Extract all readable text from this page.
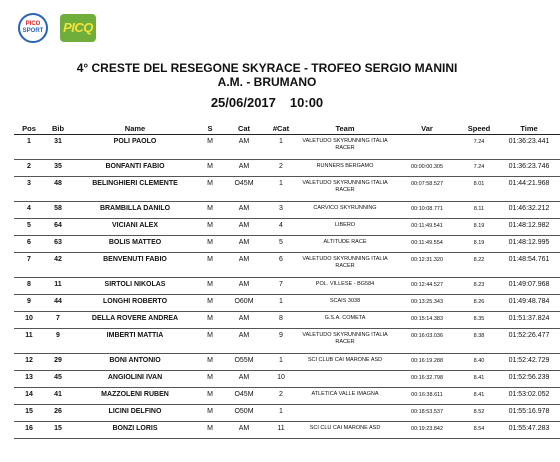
PICO
SPORT PICQ
4° CRESTE DEL RESEGONE SKYRACE - TROFEO SERGIO MANINI
A.M. - BRUMANO
25/06/2017 10:00
Pos	Bib	Name	S	Cat	#Cat	Team	Var	Speed	Time
1	31	POLI PAOLO	M	AM	1	VALETUDO SKYRUNNING ITALIA RACER		7.24	01:36:23.441
2	35	BONFANTI FABIO	M	AM	2	RUNNERS BERGAMO	00:00:00.305	7.24	01:36:23.746
3	48	BELINGHIERI CLEMENTE	M	O45M	1	VALETUDO SKYRUNNING ITALIA RACER	00:07:58.527	8.01	01:44:21.968
4	58	BRAMBILLA DANILO	M	AM	3	CARVICO SKYRUNNING	00:10:08.771	8.11	01:46:32.212
5	64	VICIANI ALEX	M	AM	4	LIBERO	00:11:49.541	8.19	01:48:12.982
6	63	BOLIS MATTEO	M	AM	5	ALTITUDE RACE	00:11:49.554	8.19	01:48:12.995
7	42	BENVENUTI FABIO	M	AM	6	VALETUDO SKYRUNNING ITALIA RACER	00:12:31.320	8.22	01:48:54.761
8	11	SIRTOLI NIKOLAS	M	AM	7	POL. VILLESE - BG584	00:12:44.527	8.23	01:49:07.968
9	44	LONGHI ROBERTO	M	O60M	1	SCAIS 3038	00:13:25.343	8.26	01:49:48.784
10	7	DELLA ROVERE ANDREA	M	AM	8	G.S.A. COMETA	00:15:14.383	8.35	01:51:37.824
11	9	IMBERTI MATTIA	M	AM	9	VALETUDO SKYRUNNING ITALIA RACER	00:16:03.036	8.38	01:52:26.477
12	29	BONI ANTONIO	M	O55M	1	SCI CLUB CAI MARONE ASD	00:16:19.288	8.40	01:52:42.729
13	45	ANGIOLINI IVAN	M	AM	10		00:16:32.798	8.41	01:52:56.239
14	41	MAZZOLENI RUBEN	M	O45M	2	ATLETICA VALLE IMAGNA	00:16:38.611	8.41	01:53:02.052
15	26	LICINI DELFINO	M	O50M	1		00:18:53.537	8.52	01:55:16.978
16	15	BONZI LORIS	M	AM	11	SCI CLU CAI MARONE ASD	00:19:23.842	8.54	01:55:47.283
